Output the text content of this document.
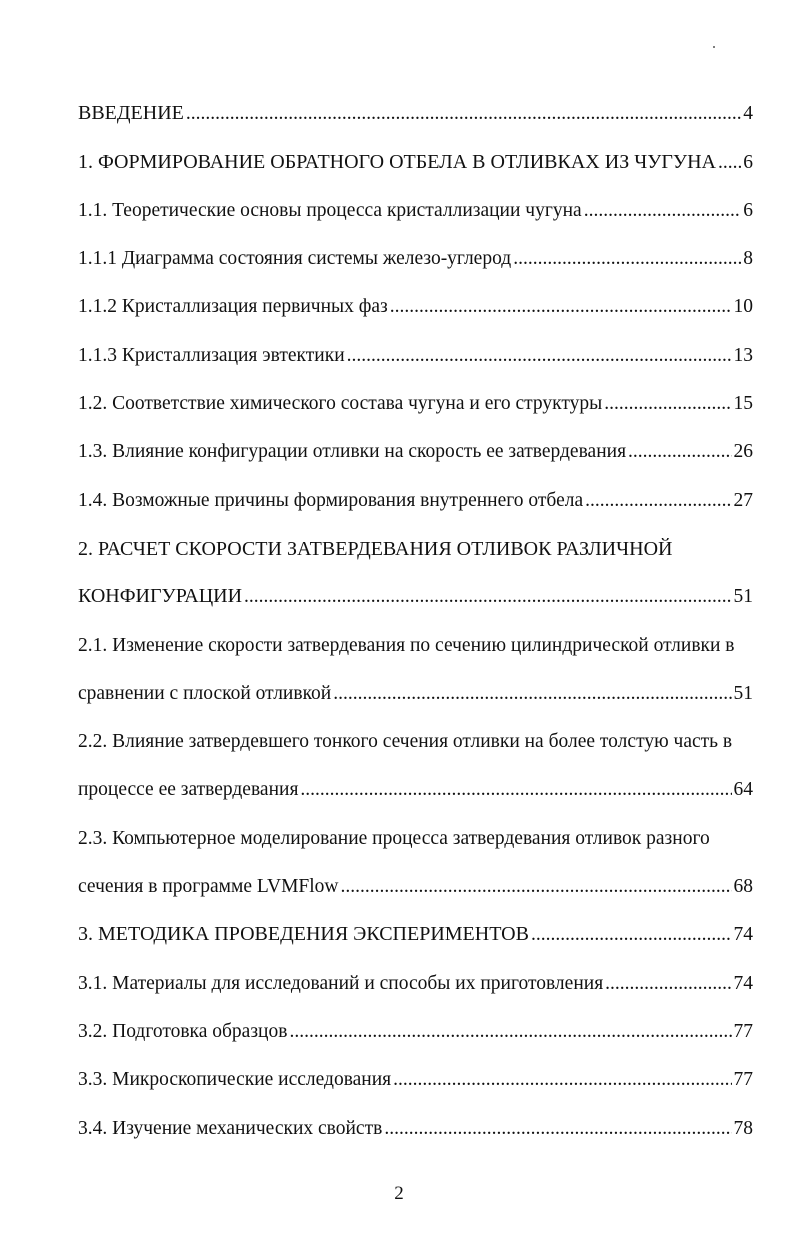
ВВЕДЕНИЕ .....	4
1. ФОРМИРОВАНИЕ ОБРАТНОГО ОТБЕЛА В ОТЛИВКАХ ИЗ ЧУГУНА ..... 6
1.1. Теоретические основы процесса кристаллизации чугуна .....	6
1.1.1 Диаграмма состояния системы железо-углерод .....	8
1.1.2 Кристаллизация первичных фаз .....	10
1.1.3 Кристаллизация эвтектики .....	13
1.2. Соответствие химического состава чугуна и его структуры .....	15
1.3. Влияние конфигурации отливки на скорость ее затвердевания .....	26
1.4. Возможные причины формирования внутреннего отбела .....	27
2. РАСЧЕТ СКОРОСТИ ЗАТВЕРДЕВАНИЯ ОТЛИВОК РАЗЛИЧНОЙ
КОНФИГУРАЦИИ .....	51
2.1. Изменение скорости затвердевания по сечению цилиндрической отливки в
сравнении с плоской отливкой .....	51
2.2. Влияние затвердевшего тонкого сечения отливки на более толстую часть в
процессе ее затвердевания .....	64
2.3. Компьютерное моделирование процесса затвердевания отливок разного
сечения в программе LVMFlow .....	68
3. МЕТОДИКА ПРОВЕДЕНИЯ ЭКСПЕРИМЕНТОВ .....	74
3.1. Материалы для исследований и способы их приготовления .....	74
3.2. Подготовка образцов .....	77
3.3. Микроскопические исследования .....	77
3.4. Изучение механических свойств .....	78
2
